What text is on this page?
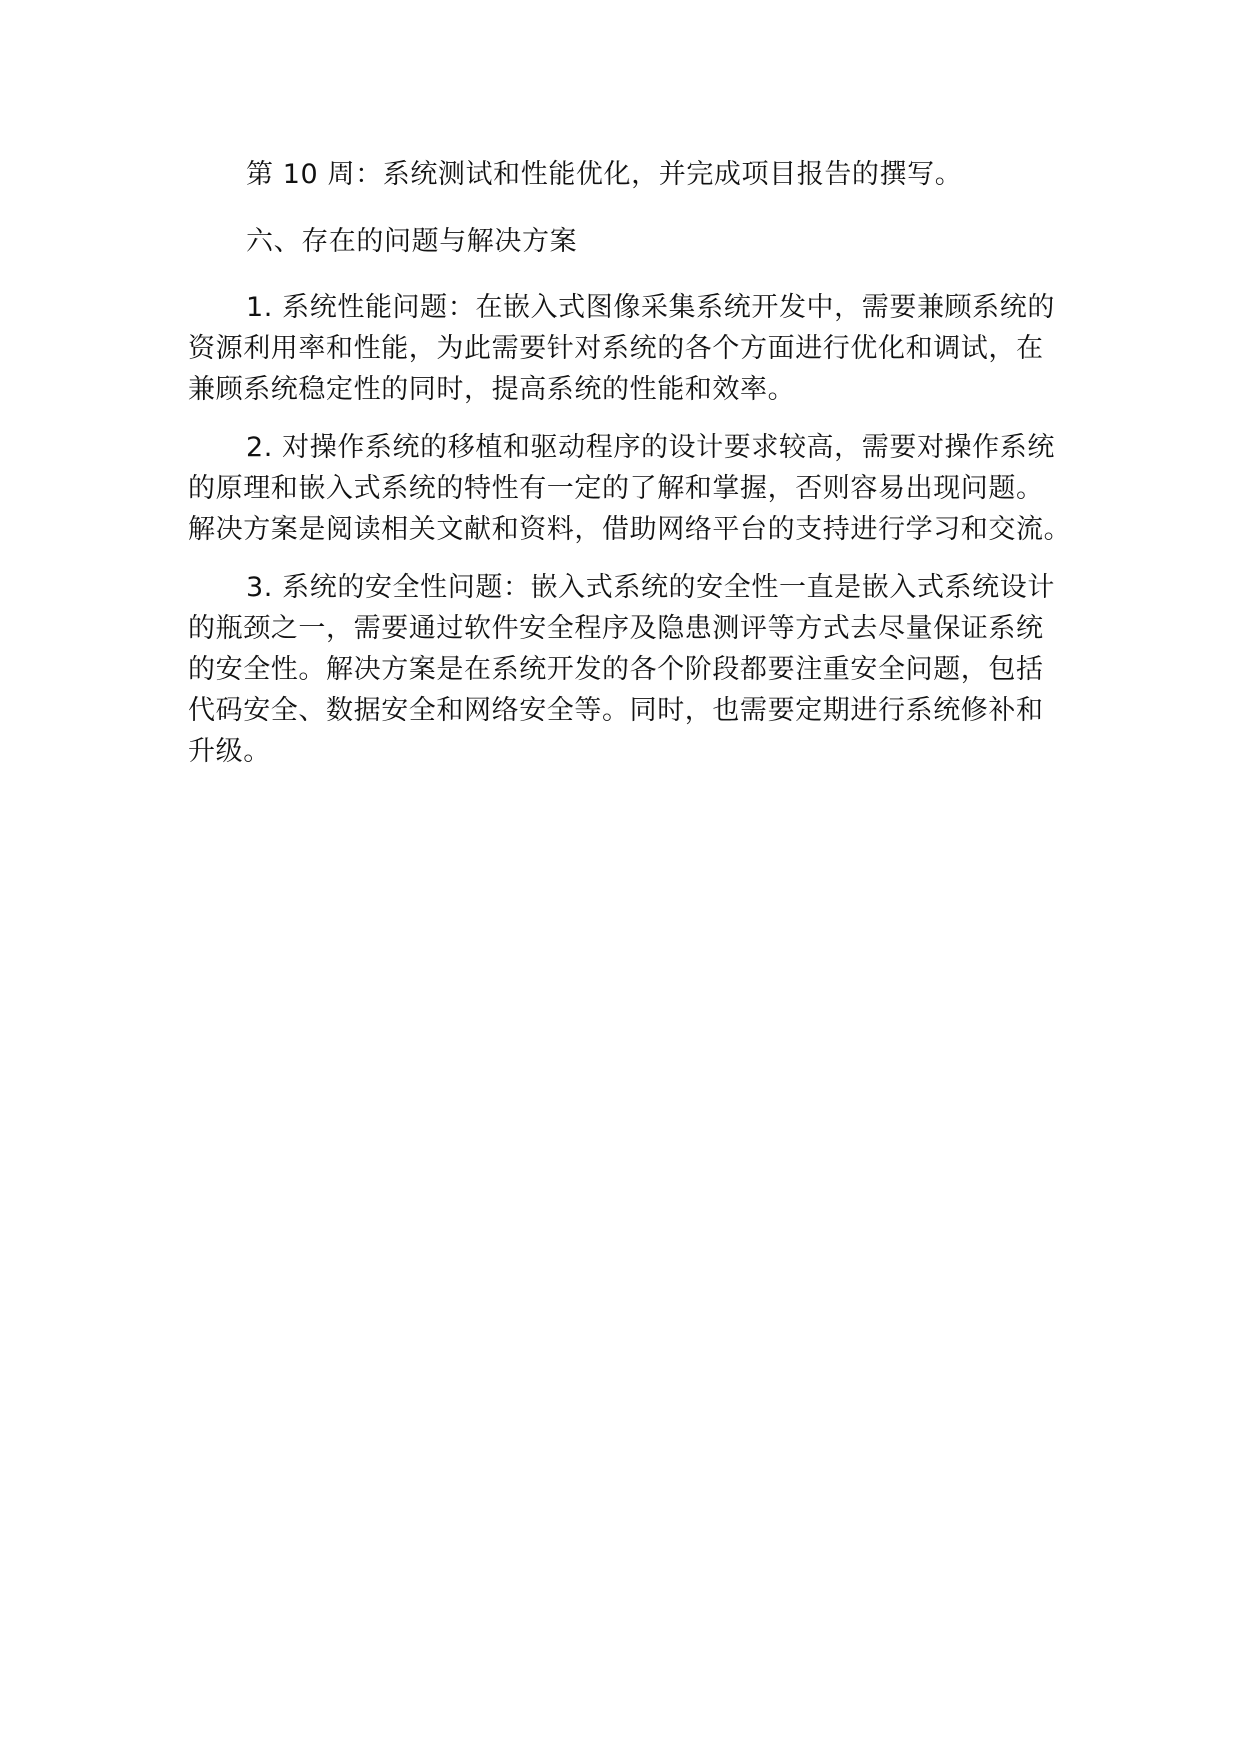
第 10 周：系统测试和性能优化，并完成项目报告的撰写。
六、存在的问题与解决方案
1. 系统性能问题：在嵌入式图像采集系统开发中，需要兼顾系统的
资源利用率和性能，为此需要针对系统的各个方面进行优化和调试，在
兼顾系统稳定性的同时，提高系统的性能和效率。
2. 对操作系统的移植和驱动程序的设计要求较高，需要对操作系统
的原理和嵌入式系统的特性有一定的了解和掌握，否则容易出现问题。
解决方案是阅读相关文献和资料，借助网络平台的支持进行学习和交流。
3. 系统的安全性问题：嵌入式系统的安全性一直是嵌入式系统设计
的瓶颈之一，需要通过软件安全程序及隐患测评等方式去尽量保证系统
的安全性。解决方案是在系统开发的各个阶段都要注重安全问题，包括
代码安全、数据安全和网络安全等。同时，也需要定期进行系统修补和
升级。
